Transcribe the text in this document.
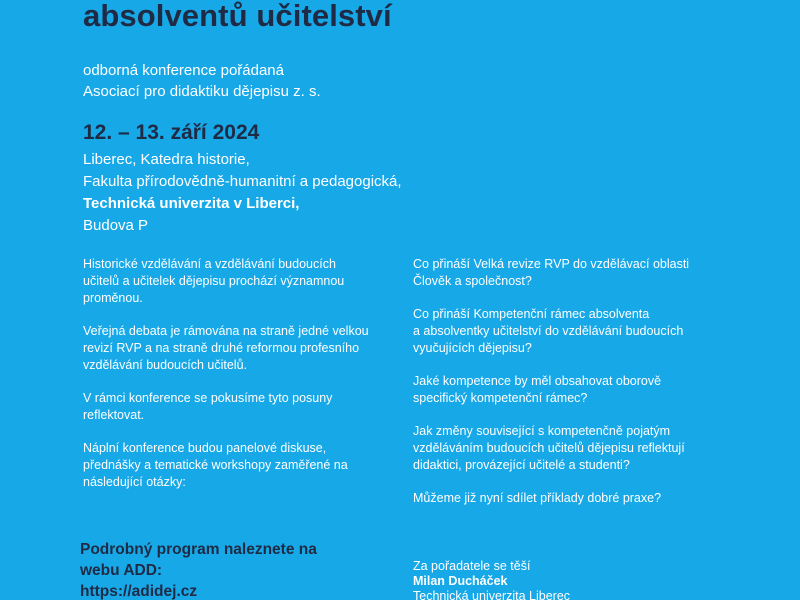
absolventů učitelství
odborná konference pořádaná
Asociací pro didaktiku dějepisu z. s.
12. – 13. září 2024
Liberec, Katedra historie,
Fakulta přírodovědně-humanitní a pedagogická,
Technická univerzita v Liberci,
Budova P
Historické vzdělávání a vzdělávání budoucích
učitelů a učitelek dějepisu prochází významnou
proměnou.
Veřejná debata je rámována na straně jedné velkou
revizí RVP a na straně druhé reformou profesního
vzdělávání budoucích učitelů.
V rámci konference se pokusíme tyto posuny
reflektovat.
Náplní konference budou panelové diskuse,
přednášky a tematické workshopy zaměřené na
následující otázky:
Co přináší Velká revize RVP do vzdělávací oblasti
Člověk a společnost?
Co přináší Kompetenční rámec absolventa
a absolventky učitelství do vzdělávání budoucích
vyučujících dějepisu?
Jaké kompetence by měl obsahovat oborově
specifický kompetenční rámec?
Jak změny související s kompetenčně pojatým
vzděláváním budoucích učitelů dějepisu reflektují
didaktici, provázející učitelé a studenti?
Můžeme již nyní sdílet příklady dobré praxe?
Podrobný program naleznete na
webu ADD:
https://adidej.cz
Za pořadatele se těší
Milan Ducháček
Technická univerzita Liberec
